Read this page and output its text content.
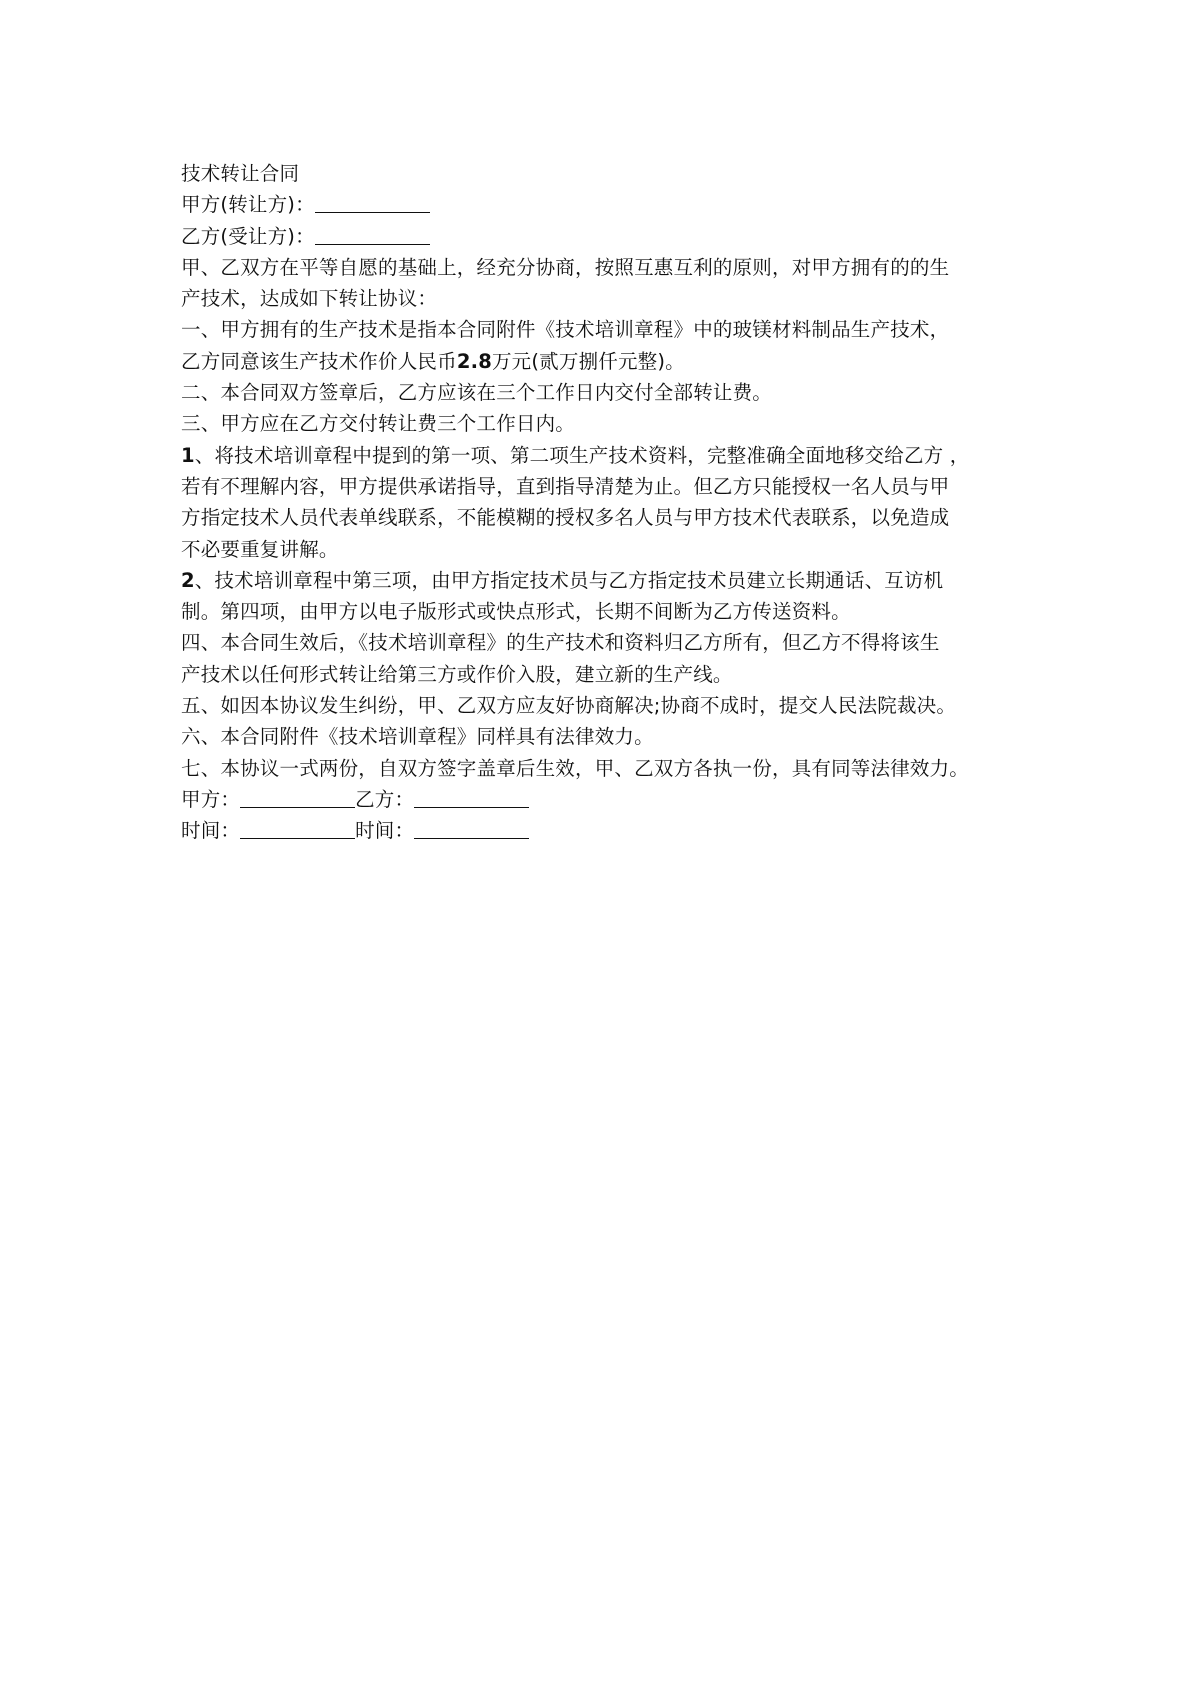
技术转让合同
甲方(转让方)：
乙方(受让方)：
甲、乙双方在平等自愿的基础上，经充分协商，按照互惠互利的原则，对甲方拥有的的生
产技术，达成如下转让协议：
一、甲方拥有的生产技术是指本合同附件《技术培训章程》中的玻镁材料制品生产技术，
乙方同意该生产技术作价人民币2.8万元(贰万捌仟元整)。
二、本合同双方签章后，乙方应该在三个工作日内交付全部转让费。
三、甲方应在乙方交付转让费三个工作日内。
1、将技术培训章程中提到的第一项、第二项生产技术资料，完整准确全面地移交给乙方 ，
若有不理解内容，甲方提供承诺指导，直到指导清楚为止。但乙方只能授权一名人员与甲
方指定技术人员代表单线联系，不能模糊的授权多名人员与甲方技术代表联系，以免造成
不必要重复讲解。
2、技术培训章程中第三项，由甲方指定技术员与乙方指定技术员建立长期通话、互访机
制。第四项，由甲方以电子版形式或快点形式，长期不间断为乙方传送资料。
四、本合同生效后，《技术培训章程》的生产技术和资料归乙方所有，但乙方不得将该生
产技术以任何形式转让给第三方或作价入股，建立新的生产线。
五、如因本协议发生纠纷，甲、乙双方应友好协商解决;协商不成时，提交人民法院裁决。
六、本合同附件《技术培训章程》同样具有法律效力。
七、本协议一式两份，自双方签字盖章后生效，甲、乙双方各执一份，具有同等法律效力。
甲方：	乙方：
时间：	时间：
